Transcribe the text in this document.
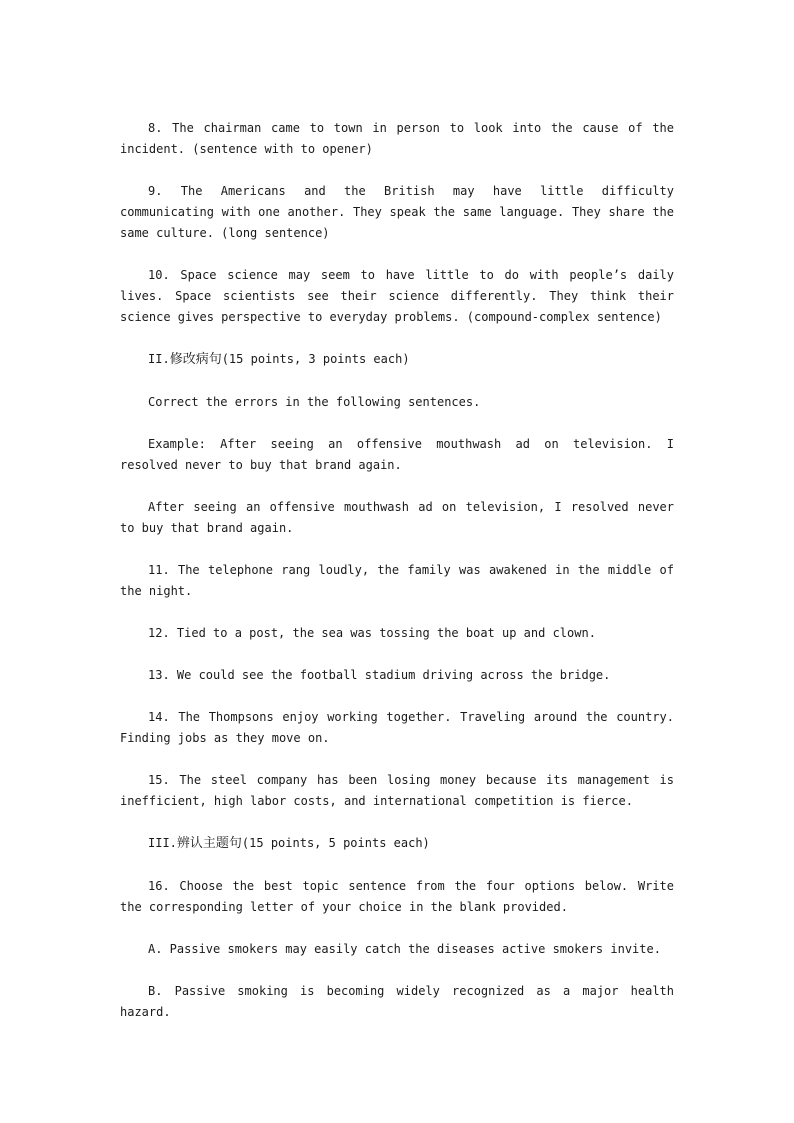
8. The chairman came to town in person to look into the cause of the incident. (sentence with to opener)

9. The Americans and the British may have little difficulty communicating with one another. They speak the same language. They share the same culture. (long sentence)

10. Space science may seem to have little to do with people’s daily lives. Space scientists see their science differently. They think their science gives perspective to everyday problems. (compound-complex sentence)

II.修改病句(15 points, 3 points each)

Correct the errors in the following sentences.

Example: After seeing an offensive mouthwash ad on television. I resolved never to buy that brand again.

After seeing an offensive mouthwash ad on television, I resolved never to buy that brand again.

11. The telephone rang loudly, the family was awakened in the middle of the night.

12. Tied to a post, the sea was tossing the boat up and clown.

13. We could see the football stadium driving across the bridge.

14. The Thompsons enjoy working together. Traveling around the country. Finding jobs as they move on.

15. The steel company has been losing money because its management is inefficient, high labor costs, and international competition is fierce.

III.辨认主题句(15 points, 5 points each)

16. Choose the best topic sentence from the four options below. Write the corresponding letter of your choice in the blank provided.

A. Passive smokers may easily catch the diseases active smokers invite.

B. Passive smoking is becoming widely recognized as a major health hazard.
